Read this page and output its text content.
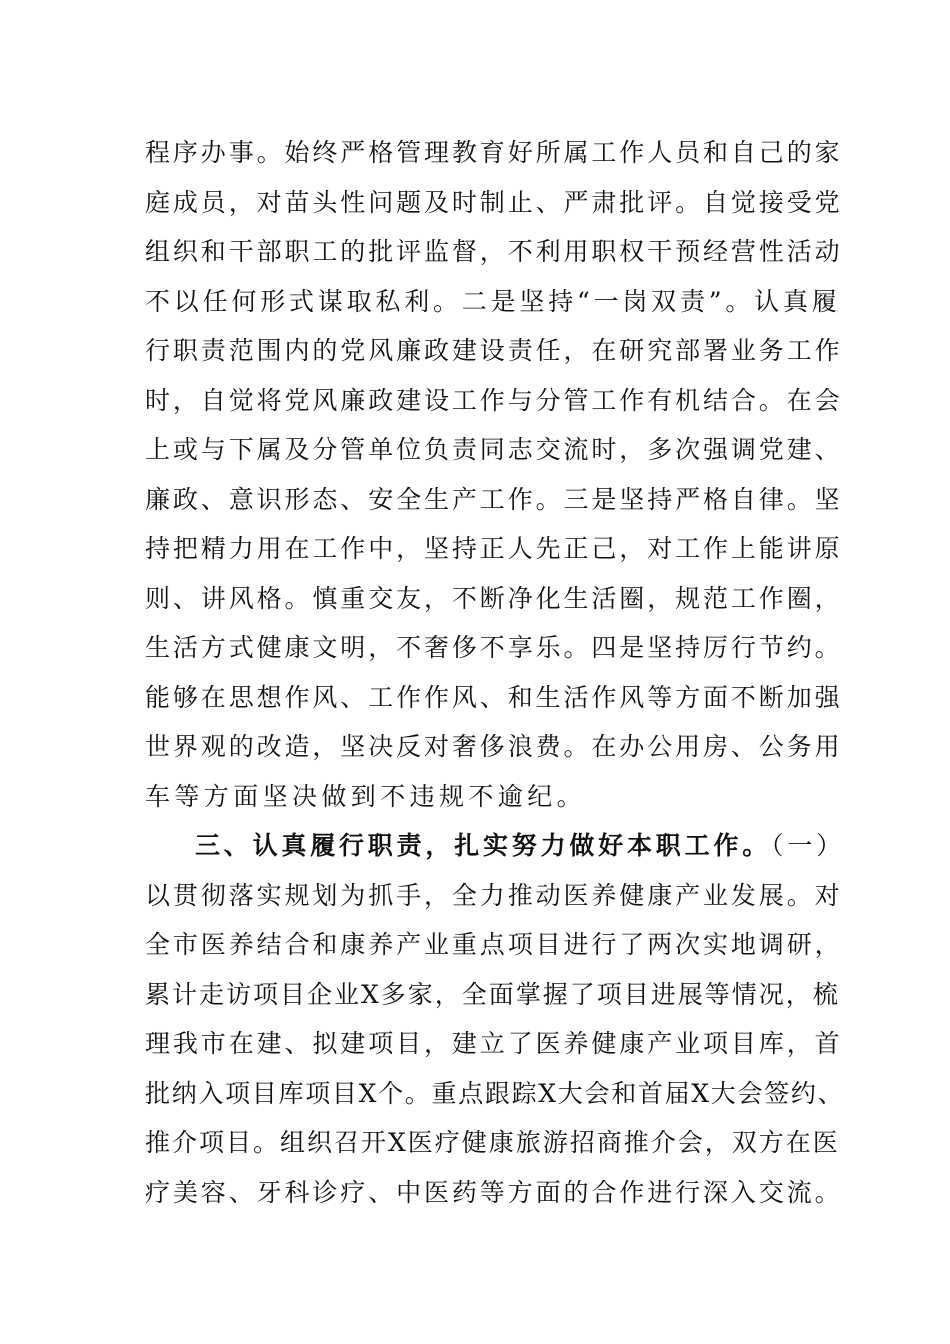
程序办事。始终严格管理教育好所属工作人员和自己的家
庭成员，对苗头性问题及时制止、严肃批评。自觉接受党
组织和干部职工的批评监督，不利用职权干预经营性活动
不以任何形式谋取私利。二是坚持“一岗双责”。认真履
行职责范围内的党风廉政建设责任，在研究部署业务工作
时，自觉将党风廉政建设工作与分管工作有机结合。在会
上或与下属及分管单位负责同志交流时，多次强调党建、
廉政、意识形态、安全生产工作。三是坚持严格自律。坚
持把精力用在工作中，坚持正人先正己，对工作上能讲原
则、讲风格。慎重交友，不断净化生活圈，规范工作圈，
生活方式健康文明，不奢侈不享乐。四是坚持厉行节约。
能够在思想作风、工作作风、和生活作风等方面不断加强
世界观的改造，坚决反对奢侈浪费。在办公用房、公务用
车等方面坚决做到不违规不逾纪。
三、认真履行职责，扎实努力做好本职工作。（一）
以贯彻落实规划为抓手，全力推动医养健康产业发展。对
全市医养结合和康养产业重点项目进行了两次实地调研，
累计走访项目企业X多家，全面掌握了项目进展等情况，梳
理我市在建、拟建项目，建立了医养健康产业项目库，首
批纳入项目库项目X个。重点跟踪X大会和首届X大会签约、
推介项目。组织召开X医疗健康旅游招商推介会，双方在医
疗美容、牙科诊疗、中医药等方面的合作进行深入交流。
